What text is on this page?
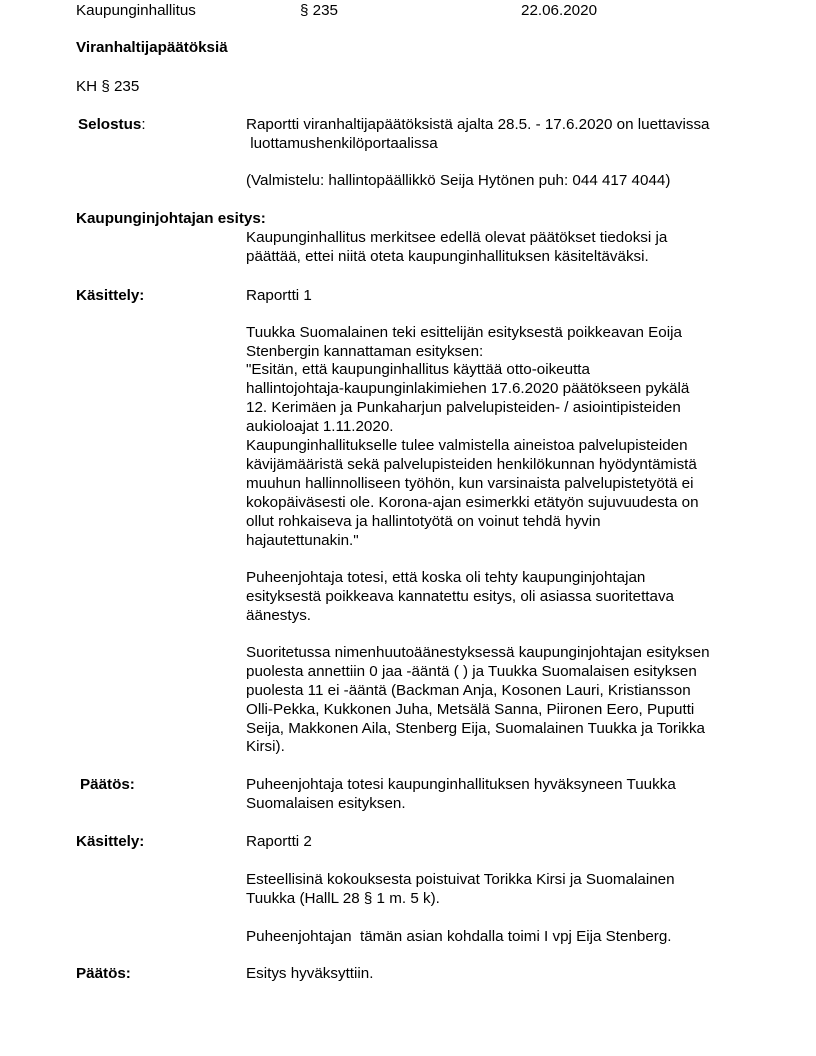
Kaupunginhallitus	§ 235	22.06.2020
Viranhaltijapäätöksiä
KH § 235
Selostus:	Raportti viranhaltijapäätöksistä ajalta 28.5. - 17.6.2020 on luettavissa
luottamushenkilöportaalissa
(Valmistelu: hallintopäällikkö Seija Hytönen puh: 044 417 4044)
Kaupunginjohtajan esitys:
Kaupunginhallitus merkitsee edellä olevat päätökset tiedoksi ja
päättää, ettei niitä oteta kaupunginhallituksen käsiteltäväksi.
Käsittely:	Raportti 1
Tuukka Suomalainen teki esittelijän esityksestä poikkeavan Eoija
Stenbergin kannattaman esityksen:
"Esitän, että kaupunginhallitus käyttää otto-oikeutta
hallintojohtaja-kaupunginlakimiehen 17.6.2020 päätökseen pykälä
12. Kerimäen ja Punkaharjun palvelupisteiden- / asiointipisteiden
aukioloajat 1.11.2020.
Kaupunginhallitukselle tulee valmistella aineistoa palvelupisteiden
kävijämääristä sekä palvelupisteiden henkilökunnan hyödyntämistä
muuhun hallinnolliseen työhön, kun varsinaista palvelupistetyötä ei
kokopäiväsesti ole. Korona-ajan esimerkki etätyön sujuvuudesta on
ollut rohkaiseva ja hallintotyötä on voinut tehdä hyvin
hajautettunakin."
Puheenjohtaja totesi, että koska oli tehty kaupunginjohtajan
esityksestä poikkeava kannatettu esitys, oli asiassa suoritettava
äänestys.
Suoritetussa nimenhuutoäänestyksessä kaupunginjohtajan esityksen
puolesta annettiin 0 jaa -ääntä ( ) ja Tuukka Suomalaisen esityksen
puolesta 11 ei -ääntä (Backman Anja, Kosonen Lauri, Kristiansson
Olli-Pekka, Kukkonen Juha, Metsälä Sanna, Piironen Eero, Puputti
Seija, Makkonen Aila, Stenberg Eija, Suomalainen Tuukka ja Torikka
Kirsi).
Päätös:	Puheenjohtaja totesi kaupunginhallituksen hyväksyneen Tuukka
Suomalaisen esityksen.
Käsittely:	Raportti 2
Esteellisinä kokouksesta poistuivat Torikka Kirsi ja Suomalainen
Tuukka (HallL 28 § 1 m. 5 k).
Puheenjohtajan  tämän asian kohdalla toimi I vpj Eija Stenberg.
Päätös:	Esitys hyväksyttiin.
